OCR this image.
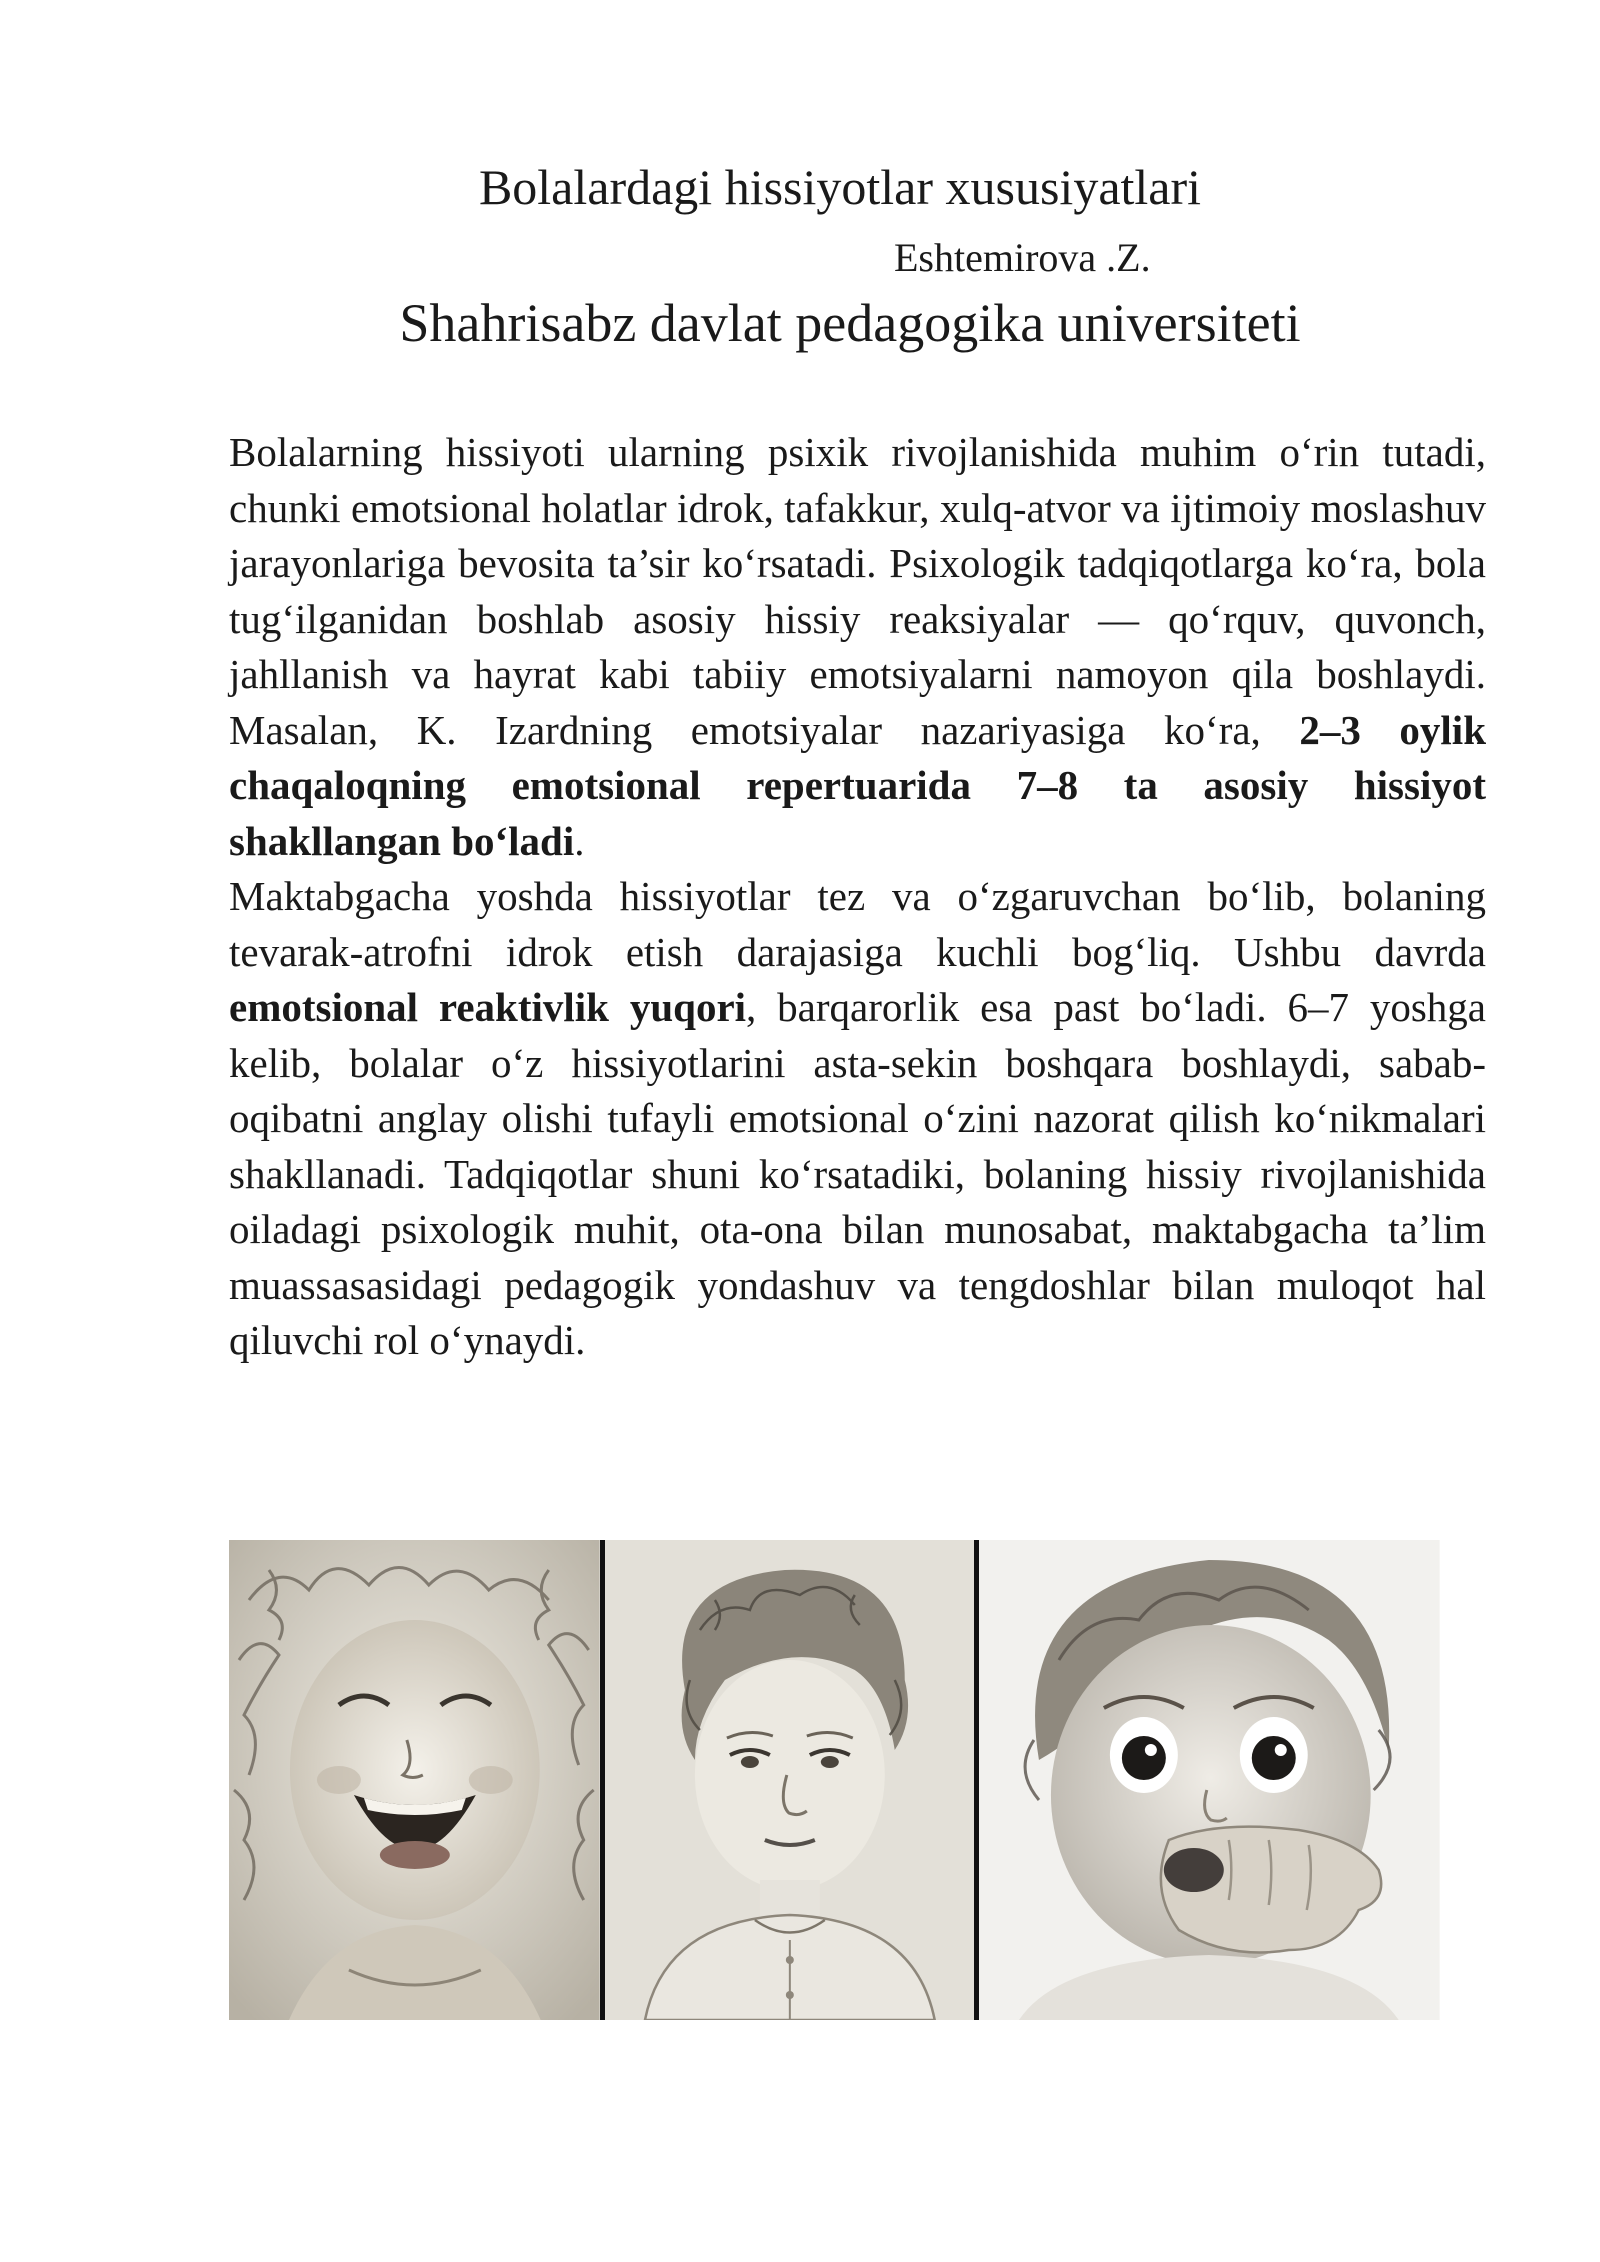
Bolalardagi hissiyotlar xususiyatlari
Eshtemirova .Z.
Shahrisabz davlat pedagogika universiteti

Bolalarning hissiyoti ularning psixik rivojlanishida muhim o‘rin tutadi, chunki emotsional holatlar idrok, tafakkur, xulq-atvor va ijtimoiy moslashuv jarayonlariga bevosita ta’sir ko‘rsatadi. Psixologik tadqiqotlarga ko‘ra, bola tug‘ilganidan boshlab asosiy hissiy reaksiyalar — qo‘rquv, quvonch, jahllanish va hayrat kabi tabiiy emotsiyalarni namoyon qila boshlaydi. Masalan, K. Izardning emotsiyalar nazariyasiga ko‘ra, 2–3 oylik chaqaloqning emotsional repertuarida 7–8 ta asosiy hissiyot shakllangan bo‘ladi.

Maktabgacha yoshda hissiyotlar tez va o‘zgaruvchan bo‘lib, bolaning tevarak-atrofni idrok etish darajasiga kuchli bog‘liq. Ushbu davrda emotsional reaktivlik yuqori, barqarorlik esa past bo‘ladi. 6–7 yoshga kelib, bolalar o‘z hissiyotlarini asta-sekin boshqara boshlaydi, sabab-oqibatni anglay olishi tufayli emotsional o‘zini nazorat qilish ko‘nikmalari shakllanadi. Tadqiqotlar shuni ko‘rsatadiki, bolaning hissiy rivojlanishida oiladagi psixologik muhit, ota-ona bilan munosabat, maktabgacha ta’lim muassasasidagi pedagogik yondashuv va tengdoshlar bilan muloqot hal qiluvchi rol o‘ynaydi.
